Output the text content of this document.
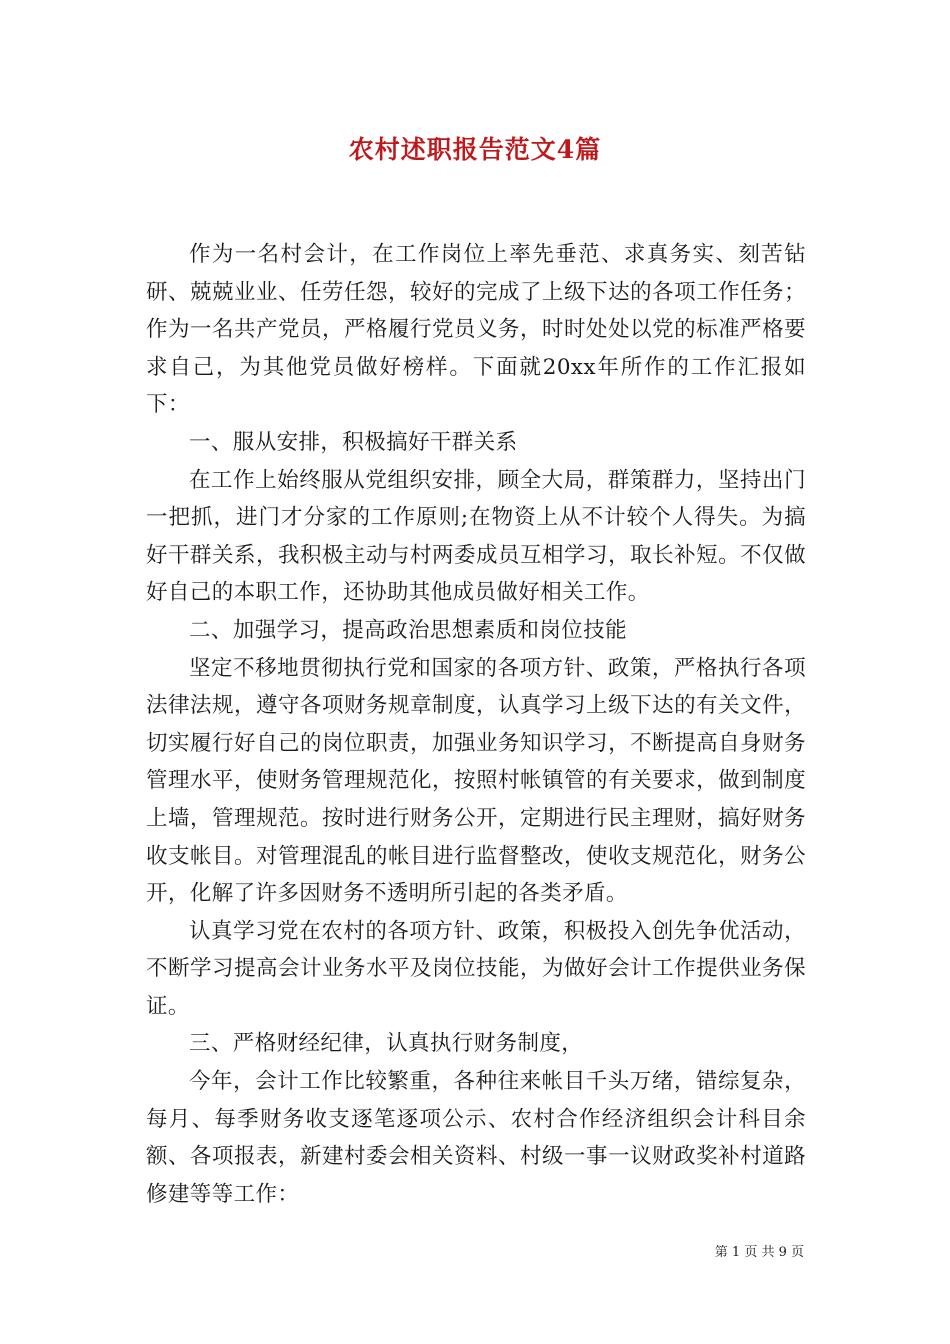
农村述职报告范文4篇

作为一名村会计，在工作岗位上率先垂范、求真务实、刻苦钻研、兢兢业业、任劳任怨，较好的完成了上级下达的各项工作任务；作为一名共产党员，严格履行党员义务，时时处处以党的标准严格要求自己，为其他党员做好榜样。下面就20xx年所作的工作汇报如下：

一、服从安排，积极搞好干群关系

在工作上始终服从党组织安排，顾全大局，群策群力，坚持出门一把抓，进门才分家的工作原则;在物资上从不计较个人得失。为搞好干群关系，我积极主动与村两委成员互相学习，取长补短。不仅做好自己的本职工作，还协助其他成员做好相关工作。

二、加强学习，提高政治思想素质和岗位技能

坚定不移地贯彻执行党和国家的各项方针、政策，严格执行各项法律法规，遵守各项财务规章制度，认真学习上级下达的有关文件，切实履行好自己的岗位职责，加强业务知识学习，不断提高自身财务管理水平，使财务管理规范化，按照村帐镇管的有关要求，做到制度上墙，管理规范。按时进行财务公开，定期进行民主理财，搞好财务收支帐目。对管理混乱的帐目进行监督整改，使收支规范化，财务公开，化解了许多因财务不透明所引起的各类矛盾。

认真学习党在农村的各项方针、政策，积极投入创先争优活动，不断学习提高会计业务水平及岗位技能，为做好会计工作提供业务保证。

三、严格财经纪律，认真执行财务制度，

今年，会计工作比较繁重，各种往来帐目千头万绪，错综复杂，每月、每季财务收支逐笔逐项公示、农村合作经济组织会计科目余额、各项报表，新建村委会相关资料、村级一事一议财政奖补村道路修建等等工作：

第 1 页 共 9 页
